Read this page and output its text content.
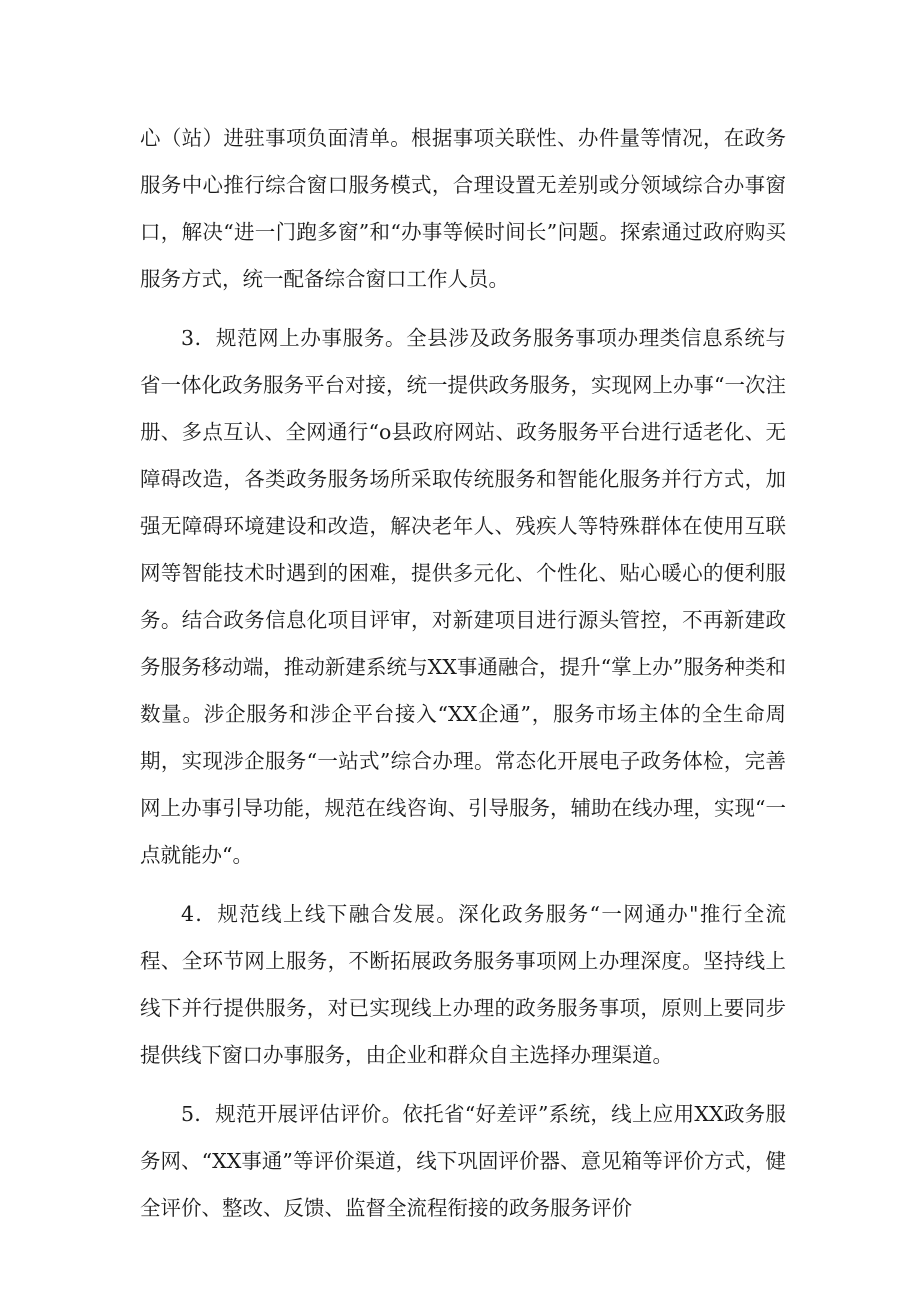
心（站）进驻事项负面清单。根据事项关联性、办件量等情况，在政务服务中心推行综合窗口服务模式，合理设置无差别或分领域综合办事窗口，解决“进一门跑多窗”和“办事等候时间长”问题。探索通过政府购买服务方式，统一配备综合窗口工作人员。

3．规范网上办事服务。全县涉及政务服务事项办理类信息系统与省一体化政务服务平台对接，统一提供政务服务，实现网上办事“一次注册、多点互认、全网通行“o县政府网站、政务服务平台进行适老化、无障碍改造，各类政务服务场所采取传统服务和智能化服务并行方式，加强无障碍环境建设和改造，解决老年人、残疾人等特殊群体在使用互联网等智能技术时遇到的困难，提供多元化、个性化、贴心暖心的便利服务。结合政务信息化项目评审，对新建项目进行源头管控，不再新建政务服务移动端，推动新建系统与XX事通融合，提升“掌上办”服务种类和数量。涉企服务和涉企平台接入“XX企通”，服务市场主体的全生命周期，实现涉企服务“一站式”综合办理。常态化开展电子政务体检，完善网上办事引导功能，规范在线咨询、引导服务，辅助在线办理，实现“一点就能办“。

4．规范线上线下融合发展。深化政务服务“一网通办"推行全流程、全环节网上服务，不断拓展政务服务事项网上办理深度。坚持线上线下并行提供服务，对已实现线上办理的政务服务事项，原则上要同步提供线下窗口办事服务，由企业和群众自主选择办理渠道。

5．规范开展评估评价。依托省“好差评”系统，线上应用XX政务服务网、“XX事通”等评价渠道，线下巩固评价器、意见箱等评价方式，健全评价、整改、反馈、监督全流程衔接的政务服务评价
